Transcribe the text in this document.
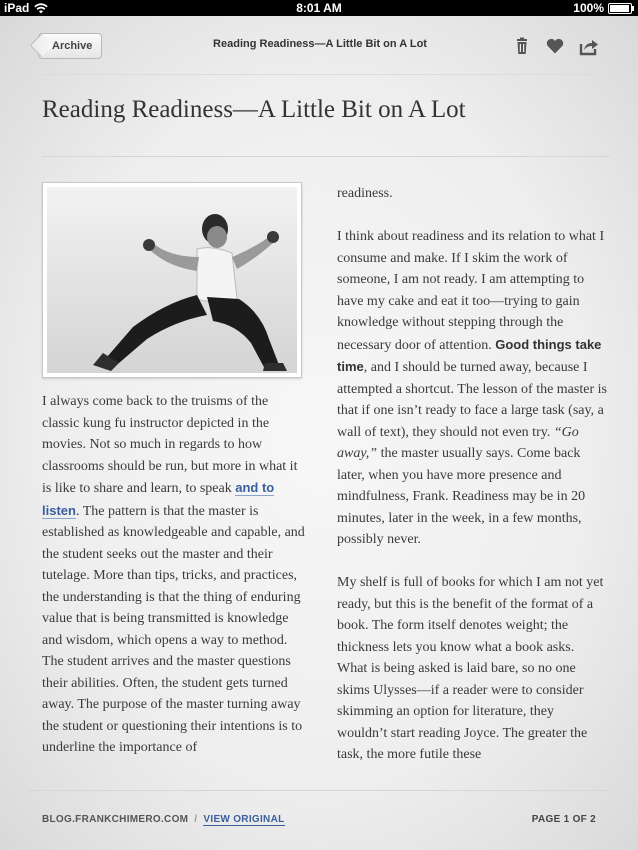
iPad	8:01 AM	100%
Archive	Reading Readiness—A Little Bit on A Lot
Reading Readiness—A Little Bit on A Lot

I always come back to the truisms of the classic kung fu instructor depicted in the movies. Not so much in regards to how classrooms should be run, but more in what it is like to share and learn, to speak and to listen. The pattern is that the master is established as knowledgeable and capable, and the student seeks out the master and their tutelage. More than tips, tricks, and practices, the understanding is that the thing of enduring value that is being transmitted is knowledge and wisdom, which opens a way to method. The student arrives and the master questions their abilities. Often, the student gets turned away. The purpose of the master turning away the student or questioning their intentions is to underline the importance of

readiness.

I think about readiness and its relation to what I consume and make. If I skim the work of someone, I am not ready. I am attempting to have my cake and eat it too—trying to gain knowledge without stepping through the necessary door of attention. Good things take time, and I should be turned away, because I attempted a shortcut. The lesson of the master is that if one isn’t ready to face a large task (say, a wall of text), they should not even try. “Go away,” the master usually says. Come back later, when you have more presence and mindfulness, Frank. Readiness may be in 20 minutes, later in the week, in a few months, possibly never.

My shelf is full of books for which I am not yet ready, but this is the benefit of the format of a book. The form itself denotes weight; the thickness lets you know what a book asks. What is being asked is laid bare, so no one skims Ulysses—if a reader were to consider skimming an option for literature, they wouldn’t start reading Joyce. The greater the task, the more futile these

BLOG.FRANKCHIMERO.COM / VIEW ORIGINAL	PAGE 1 OF 2
